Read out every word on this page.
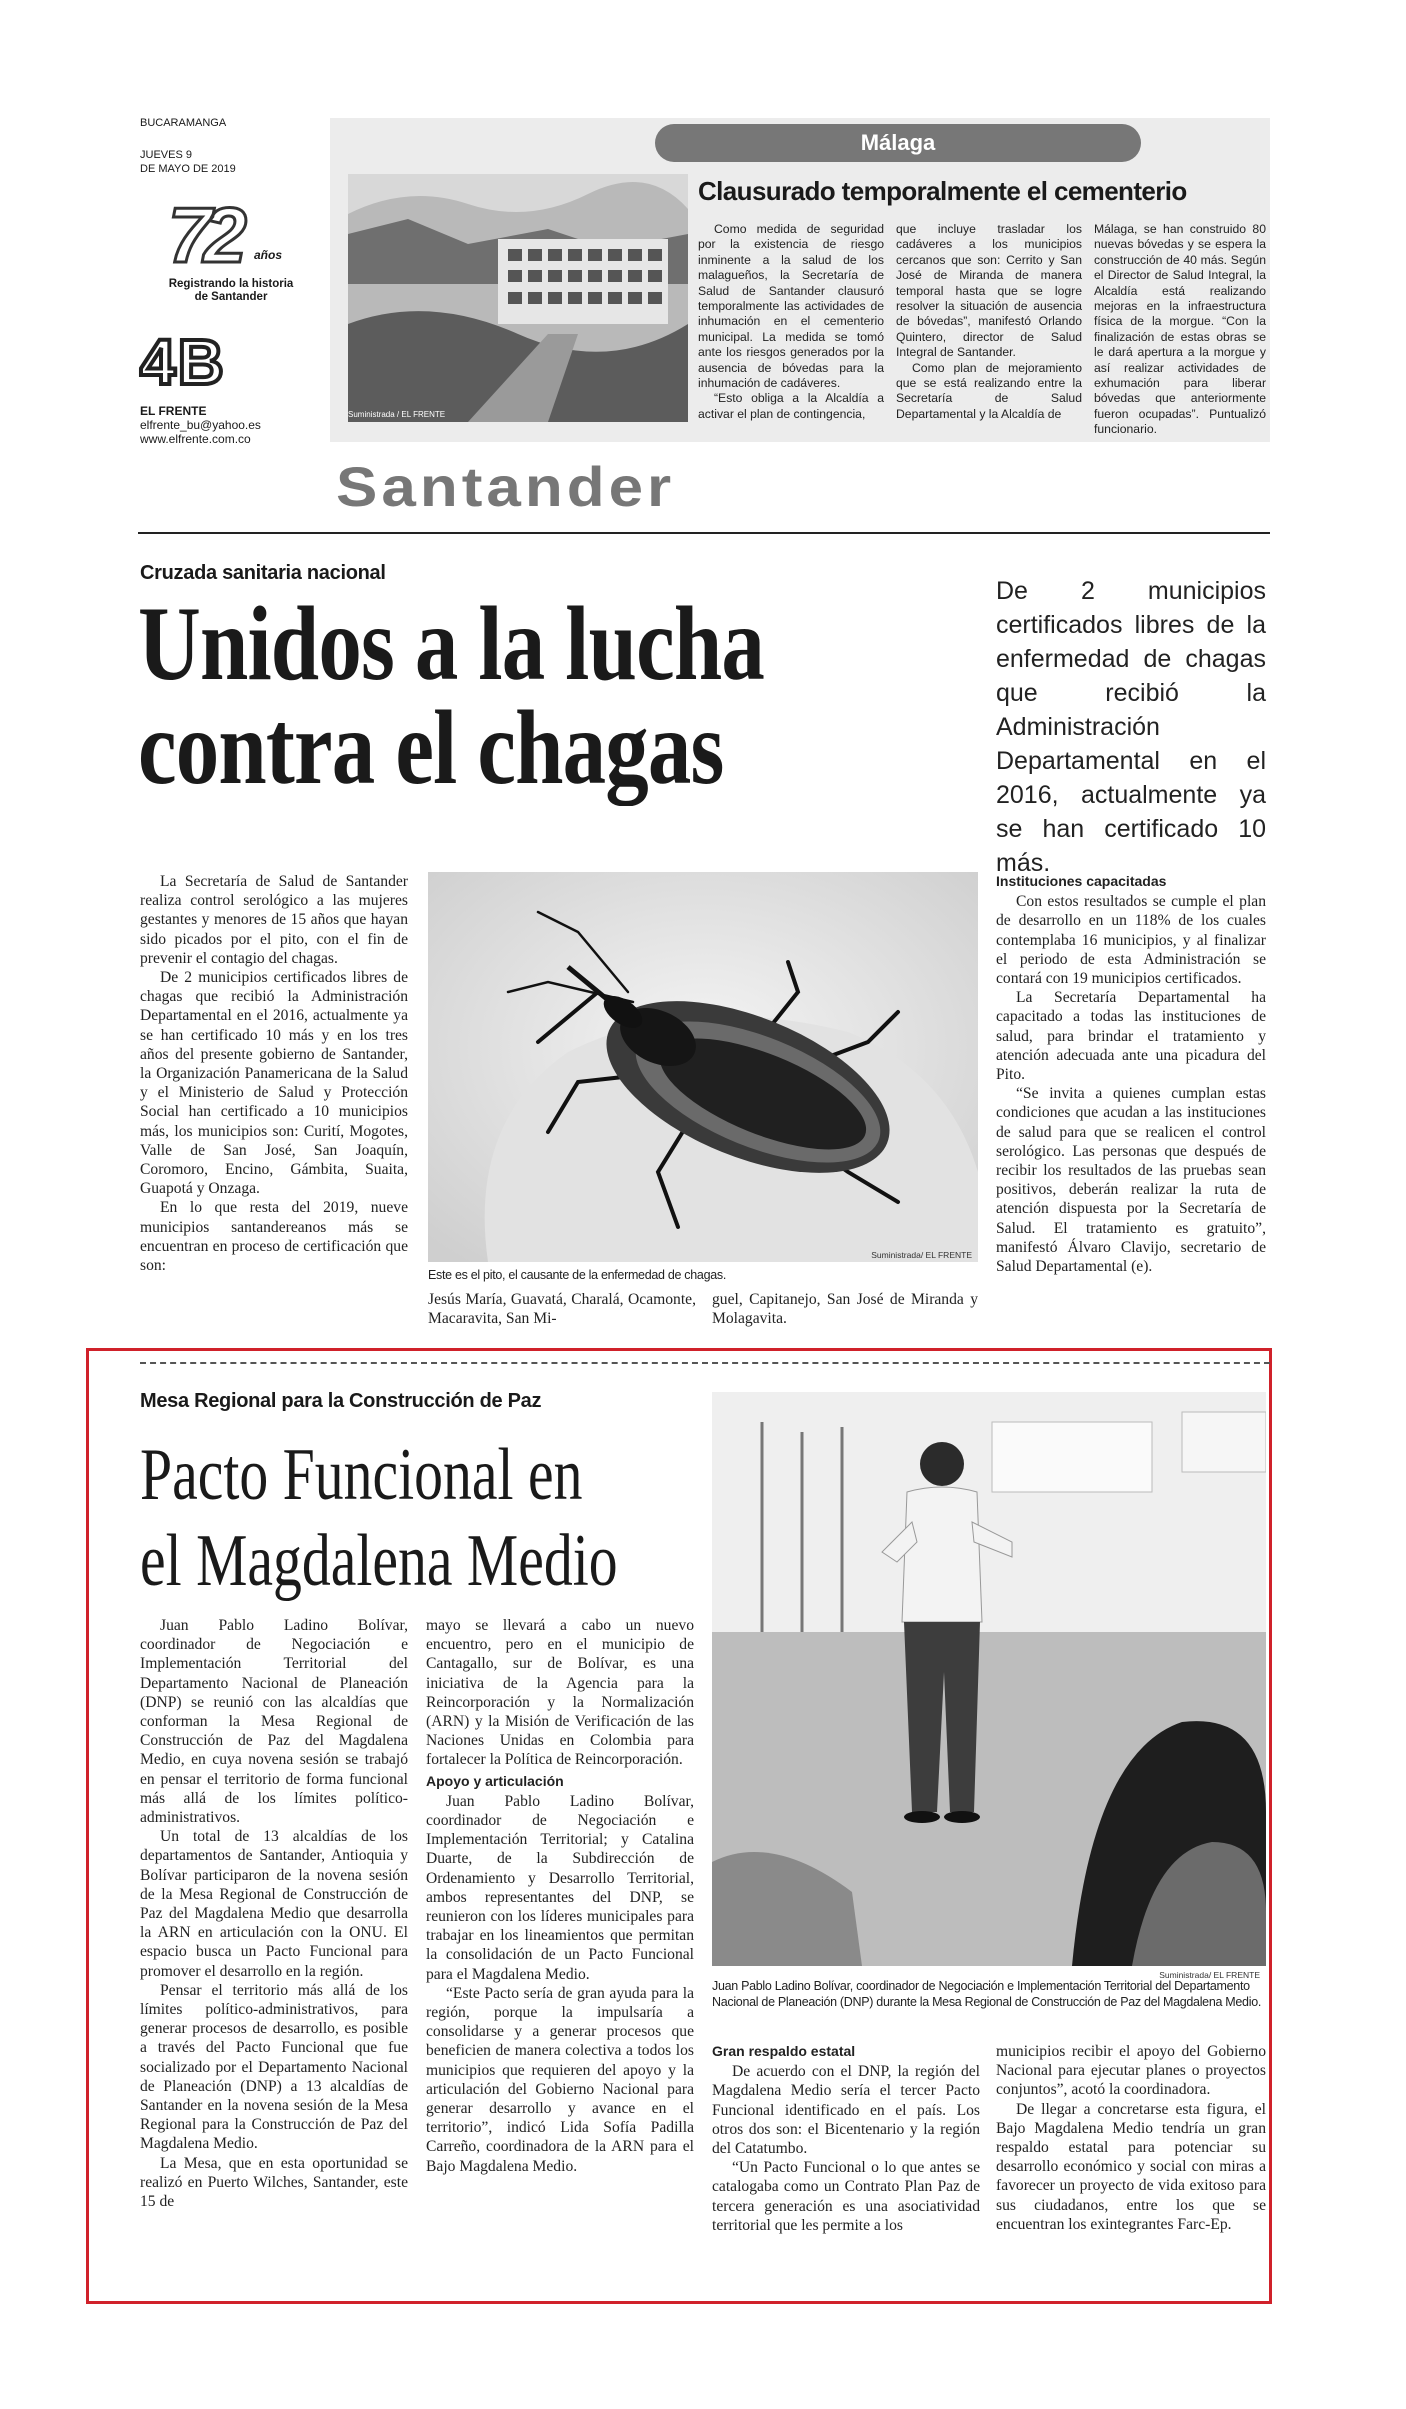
BUCARAMANGA
JUEVES 9
DE MAYO DE 2019
72 años
Registrando la historia
de Santander
4B
EL FRENTE
elfrente_bu@yahoo.es
www.elfrente.com.co
Málaga
Suministrada / EL FRENTE
Clausurado temporalmente el cementerio

Como medida de seguridad por la existencia de riesgo inminente a la salud de los malagueños, la Secretaría de Salud de Santander clausuró temporalmente las actividades de inhumación en el cementerio municipal. La medida se tomó ante los riesgos generados por la ausencia de bóvedas para la inhumación de cadáveres.

“Esto obliga a la Alcaldía a activar el plan de contingencia,

que incluye trasladar los cadáveres a los municipios cercanos que son: Cerrito y San José de Miranda de manera temporal hasta que se logre resolver la situación de ausencia de bóvedas”, manifestó Orlando Quintero, director de Salud Integral de Santander.

Como plan de mejoramiento que se está realizando entre la Secretaría de Salud Departamental y la Alcaldía de

Málaga, se han construido 80 nuevas bóvedas y se espera la construcción de 40 más. Según el Director de Salud Integral, la Alcaldía está realizando mejoras en la infraestructura física de la morgue. “Con la finalización de estas obras se le dará apertura a la morgue y así realizar actividades de exhumación para liberar bóvedas que anteriormente fueron ocupadas”. Puntualizó funcionario.

Santander
Cruzada sanitaria nacional
Unidos a la lucha
contra el chagas
De 2 municipios certificados libres de la enfermedad de chagas que recibió la Administración Departamental en el 2016, actualmente ya se han certificado 10 más.

La Secretaría de Salud de Santander realiza control serológico a las mujeres gestantes y menores de 15 años que hayan sido picados por el pito, con el fin de prevenir el contagio del chagas.

De 2 municipios certificados libres de chagas que recibió la Administración Departamental en el 2016, actualmente ya se han certificado 10 más y en los tres años del presente gobierno de Santander, la Organización Panamericana de la Salud y el Ministerio de Salud y Protección Social han certificado a 10 municipios más, los municipios son: Curití, Mogotes, Valle de San José, San Joaquín, Coromoro, Encino, Gámbita, Suaita, Guapotá y Onzaga.

En lo que resta del 2019, nueve municipios santandereanos más se encuentran en proceso de certificación que son:

Suministrada/ EL FRENTE
Este es el pito, el causante de la enfermedad de chagas.

Jesús María, Guavatá, Charalá, Ocamonte, Macaravita, San Mi-

guel, Capitanejo, San José de Miranda y Molagavita.

Instituciones capacitadas

Con estos resultados se cumple el plan de desarrollo en un 118% de los cuales contemplaba 16 municipios, y al finalizar el periodo de esta Administración se contará con 19 municipios certificados.

La Secretaría Departamental ha capacitado a todas las instituciones de salud, para brindar el tratamiento y atención adecuada ante una picadura del Pito.

“Se invita a quienes cumplan estas condiciones que acudan a las instituciones de salud para que se realicen el control serológico. Las personas que después de recibir los resultados de las pruebas sean positivos, deberán realizar la ruta de atención dispuesta por la Secretaría de Salud. El tratamiento es gratuito”, manifestó Álvaro Clavijo, secretario de Salud Departamental (e).

Mesa Regional para la Construcción de Paz
Pacto Funcional en
el Magdalena Medio

Juan Pablo Ladino Bolívar, coordinador de Negociación e Implementación Territorial del Departamento Nacional de Planeación (DNP) se reunió con las alcaldías que conforman la Mesa Regional de Construcción de Paz del Magdalena Medio, en cuya novena sesión se trabajó en pensar el territorio de forma funcional más allá de los límites político-administrativos.

Un total de 13 alcaldías de los departamentos de Santander, Antioquia y Bolívar participaron de la novena sesión de la Mesa Regional de Construcción de Paz del Magdalena Medio que desarrolla la ARN en articulación con la ONU. El espacio busca un Pacto Funcional para promover el desarrollo en la región.

Pensar el territorio más allá de los límites político-administrativos, para generar procesos de desarrollo, es posible a través del Pacto Funcional que fue socializado por el Departamento Nacional de Planeación (DNP) a 13 alcaldías de Santander en la novena sesión de la Mesa Regional para la Construcción de Paz del Magdalena Medio.

La Mesa, que en esta oportunidad se realizó en Puerto Wilches, Santander, este 15 de

mayo se llevará a cabo un nuevo encuentro, pero en el municipio de Cantagallo, sur de Bolívar, es una iniciativa de la Agencia para la Reincorporación y la Normalización (ARN) y la Misión de Verificación de las Naciones Unidas en Colombia para fortalecer la Política de Reincorporación.

Apoyo y articulación

Juan Pablo Ladino Bolívar, coordinador de Negociación e Implementación Territorial; y Catalina Duarte, de la Subdirección de Ordenamiento y Desarrollo Territorial, ambos representantes del DNP, se reunieron con los líderes municipales para trabajar en los lineamientos que permitan la consolidación de un Pacto Funcional para el Magdalena Medio.

“Este Pacto sería de gran ayuda para la región, porque la impulsaría a consolidarse y a generar procesos que beneficien de manera colectiva a todos los municipios que requieren del apoyo y la articulación del Gobierno Nacional para generar desarrollo y avance en el territorio”, indicó Lida Sofía Padilla Carreño, coordinadora de la ARN para el Bajo Magdalena Medio.

Suministrada/ EL FRENTE
Juan Pablo Ladino Bolívar, coordinador de Negociación e Implementación Territorial del Departamento Nacional de Planeación (DNP) durante la Mesa Regional de Construcción de Paz del Magdalena Medio.
Gran respaldo estatal

De acuerdo con el DNP, la región del Magdalena Medio sería el tercer Pacto Funcional identificado en el país. Los otros dos son: el Bicentenario y la región del Catatumbo.

“Un Pacto Funcional o lo que antes se catalogaba como un Contrato Plan Paz de tercera generación es una asociatividad territorial que les permite a los

municipios recibir el apoyo del Gobierno Nacional para ejecutar planes o proyectos conjuntos”, acotó la coordinadora.

De llegar a concretarse esta figura, el Bajo Magdalena Medio tendría un gran respaldo estatal para potenciar su desarrollo económico y social con miras a favorecer un proyecto de vida exitoso para sus ciudadanos, entre los que se encuentran los exintegrantes Farc-Ep.
